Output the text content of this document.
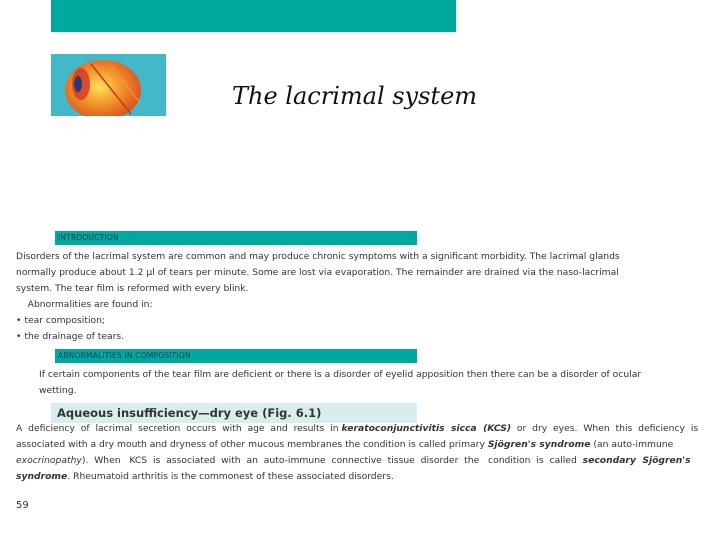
The lacrimal system
INTRODUCTION
Disorders of the lacrimal system are common and may produce chronic symptoms with a significant morbidity. The lacrimal glands
normally produce about 1.2 µl of tears per minute. Some are lost via evaporation. The remainder are drained via the naso-lacrimal
system. The tear film is reformed with every blink.
Abnormalities are found in:
• tear composition;
• the drainage of tears.
ABNORMALITIES IN COMPOSITION
If certain components of the tear film are deficient or there is a disorder of eyelid apposition then there can be a disorder of ocular
wetting.
Aqueous insufficiency—dry eye (Fig. 6.1)
A  deficiency  of  lacrimal  secretion  occurs  with  age  and  results  in keratoconjunctivitis  sicca  (KCS)  or  dry  eyes.  When  this  deficiency  is
associated with a dry mouth and dryness of other mucous membranes the condition is called primary Sjögren's syndrome (an auto-immune
exocrinopathy).  When   KCS  is  associated  with  an  auto-immune  connective  tissue  disorder  the   condition  is  called  secondary  Sjögren's
syndrome. Rheumatoid arthritis is the commonest of these associated disorders.
59
